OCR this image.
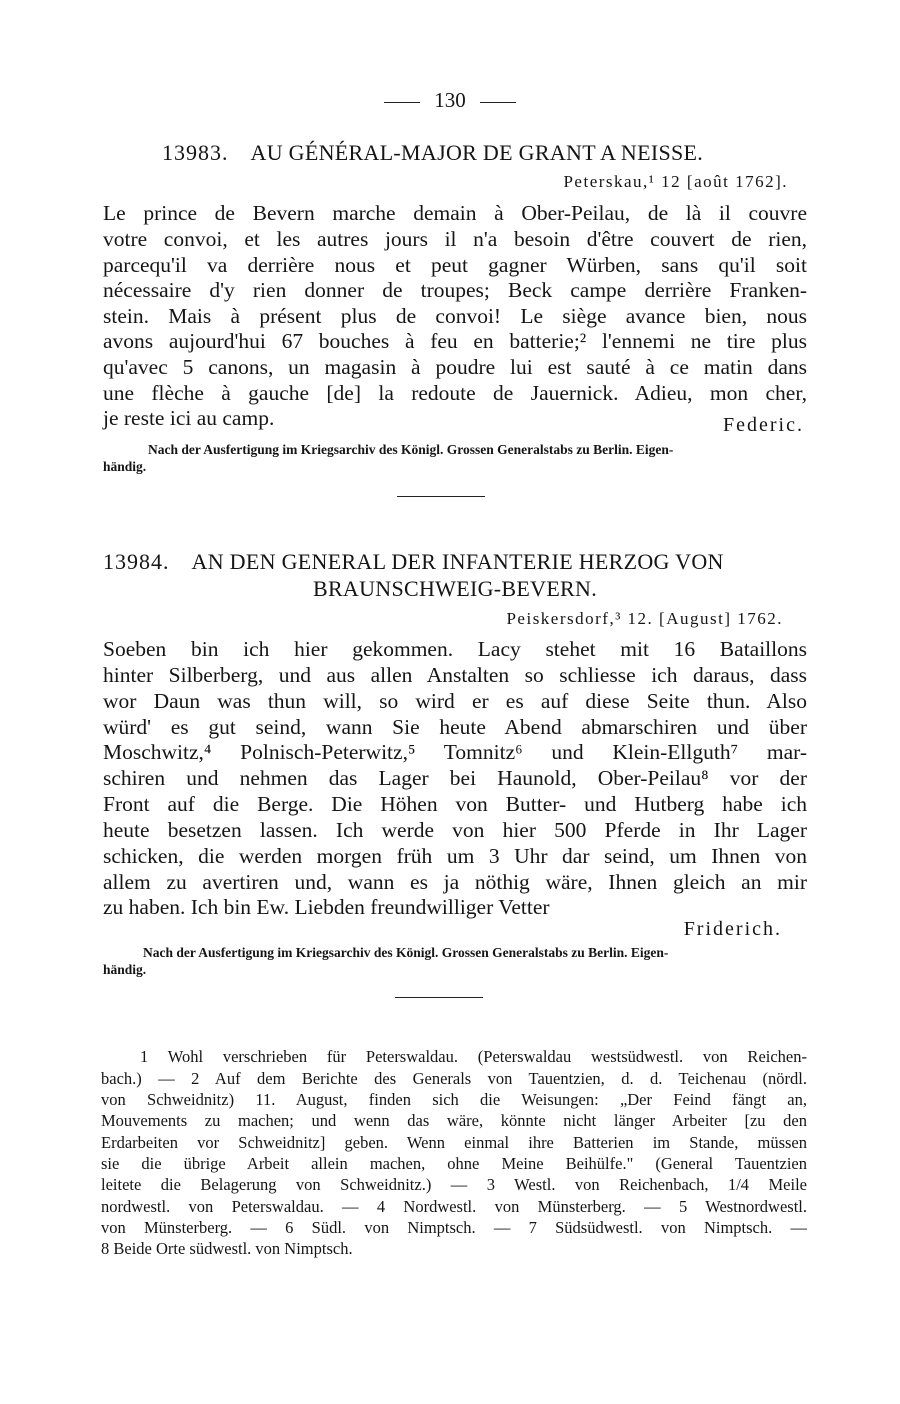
130
13983. AU GÉNÉRAL-MAJOR DE GRANT A NEISSE.
Peterskau,¹ 12 [août 1762].
Le prince de Bevern marche demain à Ober-Peilau, de là il couvre
votre convoi, et les autres jours il n'a besoin d'être couvert de rien,
parcequ'il va derrière nous et peut gagner Würben, sans qu'il soit
nécessaire d'y rien donner de troupes; Beck campe derrière Franken-
stein. Mais à présent plus de convoi! Le siège avance bien, nous
avons aujourd'hui 67 bouches à feu en batterie;² l'ennemi ne tire plus
qu'avec 5 canons, un magasin à poudre lui est sauté à ce matin dans
une flèche à gauche [de] la redoute de Jauernick. Adieu, mon cher,
je reste ici au camp.	Federic.
Nach der Ausfertigung im Kriegsarchiv des Königl. Grossen Generalstabs zu Berlin. Eigen-
händig.
13984. AN DEN GENERAL DER INFANTERIE HERZOG VON
BRAUNSCHWEIG-BEVERN.
Peiskersdorf,³ 12. [August] 1762.
Soeben bin ich hier gekommen. Lacy stehet mit 16 Bataillons
hinter Silberberg, und aus allen Anstalten so schliesse ich daraus, dass
wor Daun was thun will, so wird er es auf diese Seite thun. Also
würd' es gut seind, wann Sie heute Abend abmarschiren und über
Moschwitz,⁴ Polnisch-Peterwitz,⁵ Tomnitz⁶ und Klein-Ellguth⁷ mar-
schiren und nehmen das Lager bei Haunold, Ober-Peilau⁸ vor der
Front auf die Berge. Die Höhen von Butter- und Hutberg habe ich
heute besetzen lassen. Ich werde von hier 500 Pferde in Ihr Lager
schicken, die werden morgen früh um 3 Uhr dar seind, um Ihnen von
allem zu avertiren und, wann es ja nöthig wäre, Ihnen gleich an mir
zu haben. Ich bin Ew. Liebden freundwilliger Vetter
Friderich.
Nach der Ausfertigung im Kriegsarchiv des Königl. Grossen Generalstabs zu Berlin. Eigen-
händig.
1 Wohl verschrieben für Peterswaldau. (Peterswaldau westsüdwestl. von Reichen-
bach.) — 2 Auf dem Berichte des Generals von Tauentzien, d. d. Teichenau (nördl.
von Schweidnitz) 11. August, finden sich die Weisungen: „Der Feind fängt an,
Mouvements zu machen; und wenn das wäre, könnte nicht länger Arbeiter [zu den
Erdarbeiten vor Schweidnitz] geben. Wenn einmal ihre Batterien im Stande, müssen
sie die übrige Arbeit allein machen, ohne Meine Beihülfe." (General Tauentzien
leitete die Belagerung von Schweidnitz.) — 3 Westl. von Reichenbach, 1/4 Meile
nordwestl. von Peterswaldau. — 4 Nordwestl. von Münsterberg. — 5 Westnordwestl.
von Münsterberg. — 6 Südl. von Nimptsch. — 7 Südsüdwestl. von Nimptsch. —
8 Beide Orte südwestl. von Nimptsch.
